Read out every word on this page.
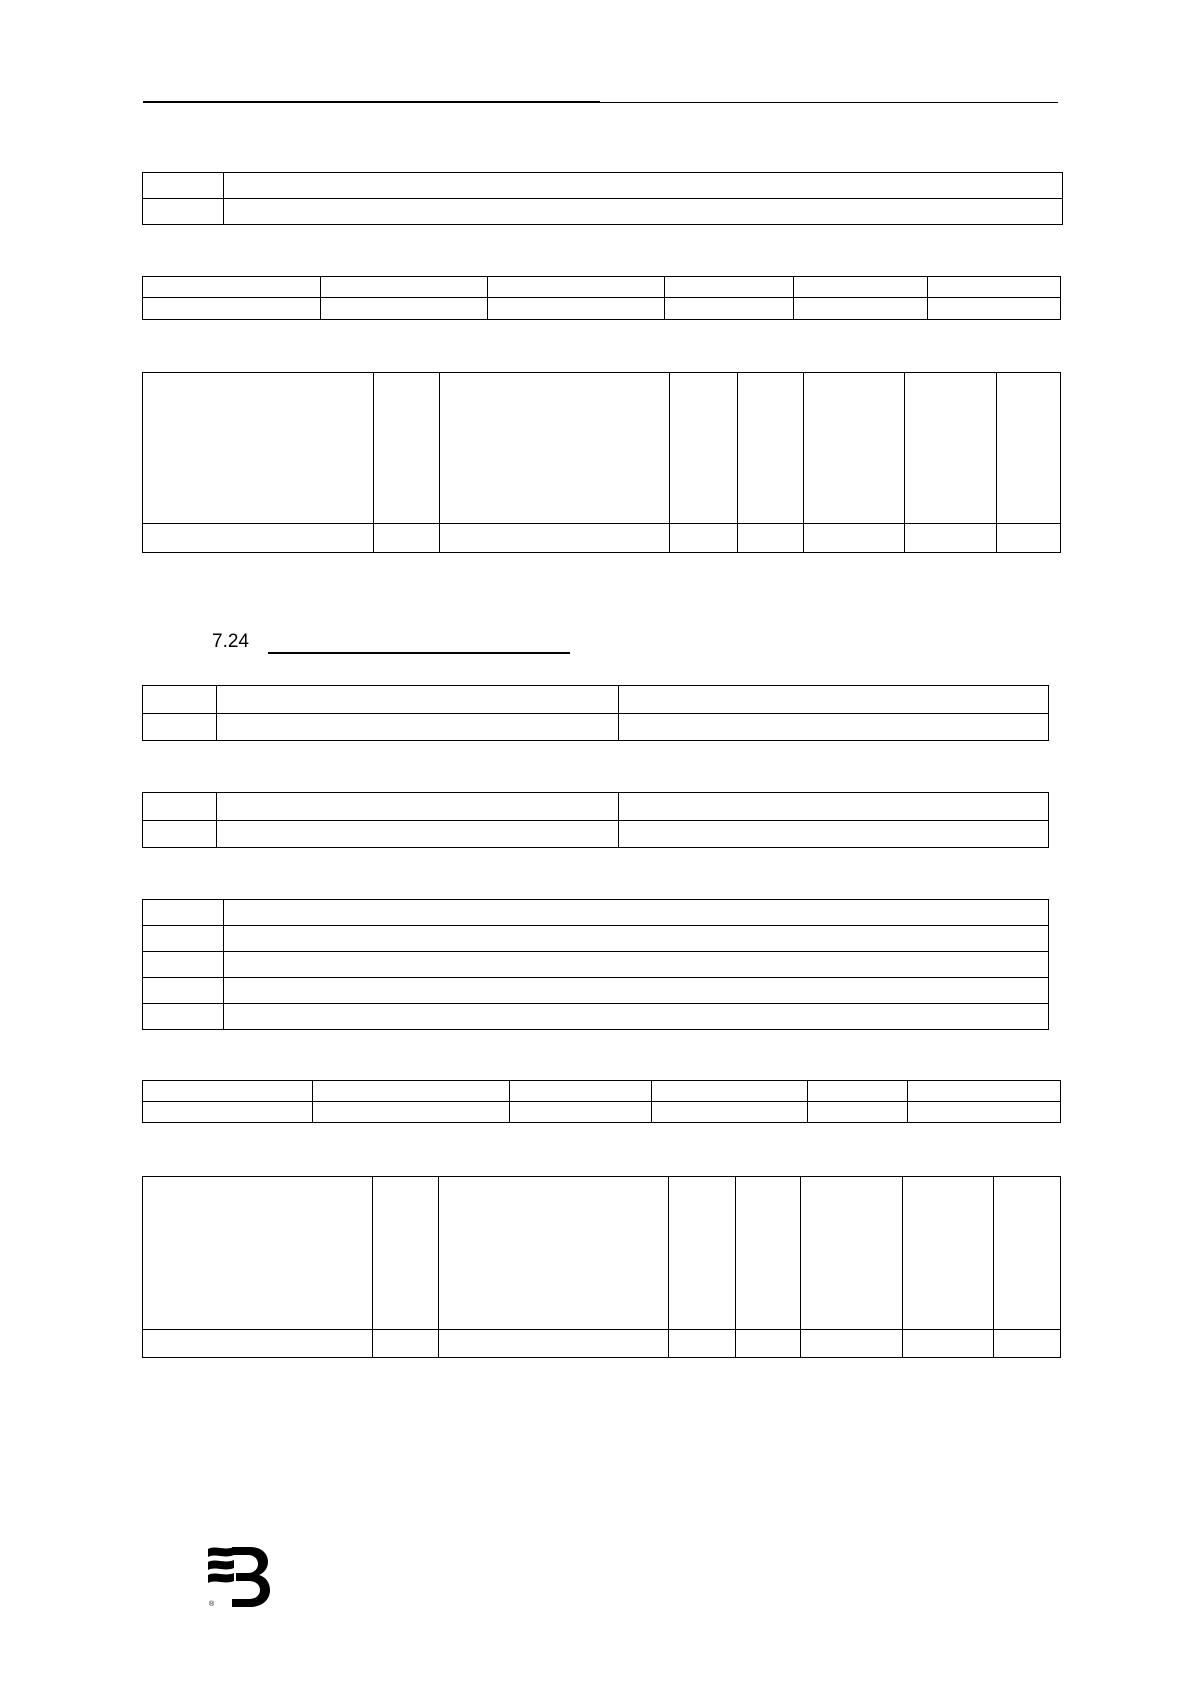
7.24

®
